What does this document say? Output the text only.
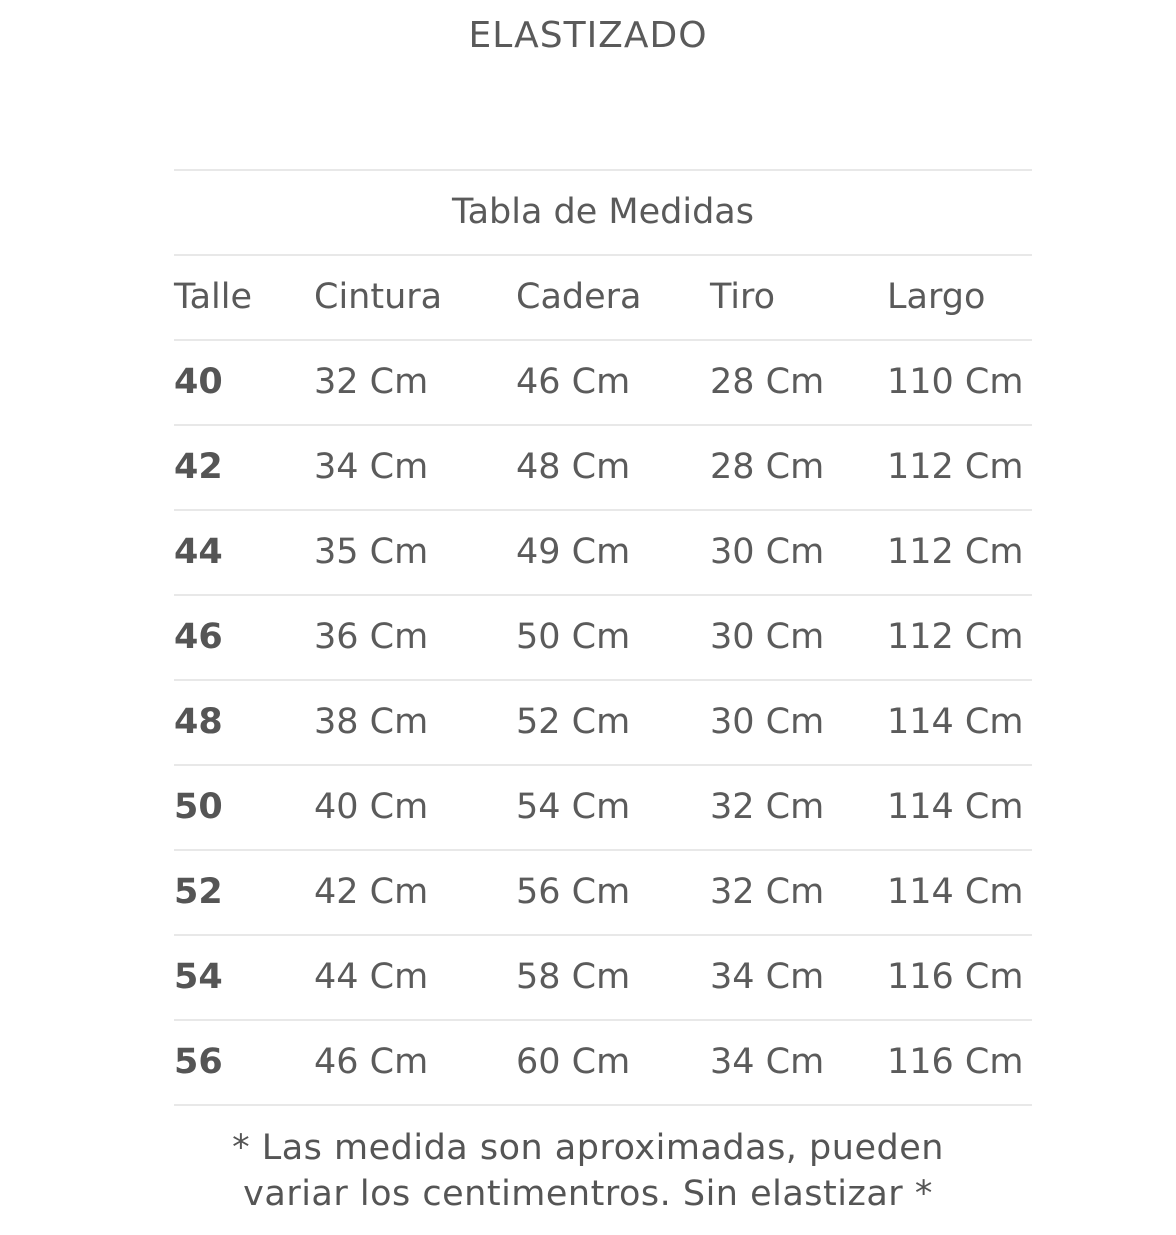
ELASTIZADO
Tabla de Medidas
Talle Cintura Cadera Tiro	Largo
40	32 Cm	46 Cm 28 Cm 110 Cm
42	34 Cm	48 Cm 28 Cm 112 Cm
44	35 Cm	49 Cm 30 Cm 112 Cm
46	36 Cm	50 Cm 30 Cm 112 Cm
48	38 Cm	52 Cm 30 Cm 114 Cm
50	40 Cm	54 Cm 32 Cm 114 Cm
52	42 Cm	56 Cm 32 Cm 114 Cm
54	44 Cm	58 Cm 34 Cm 116 Cm
56	46 Cm	60 Cm 34 Cm 116 Cm
* Las medida son aproximadas, pueden
variar los centimentros. Sin elastizar *
